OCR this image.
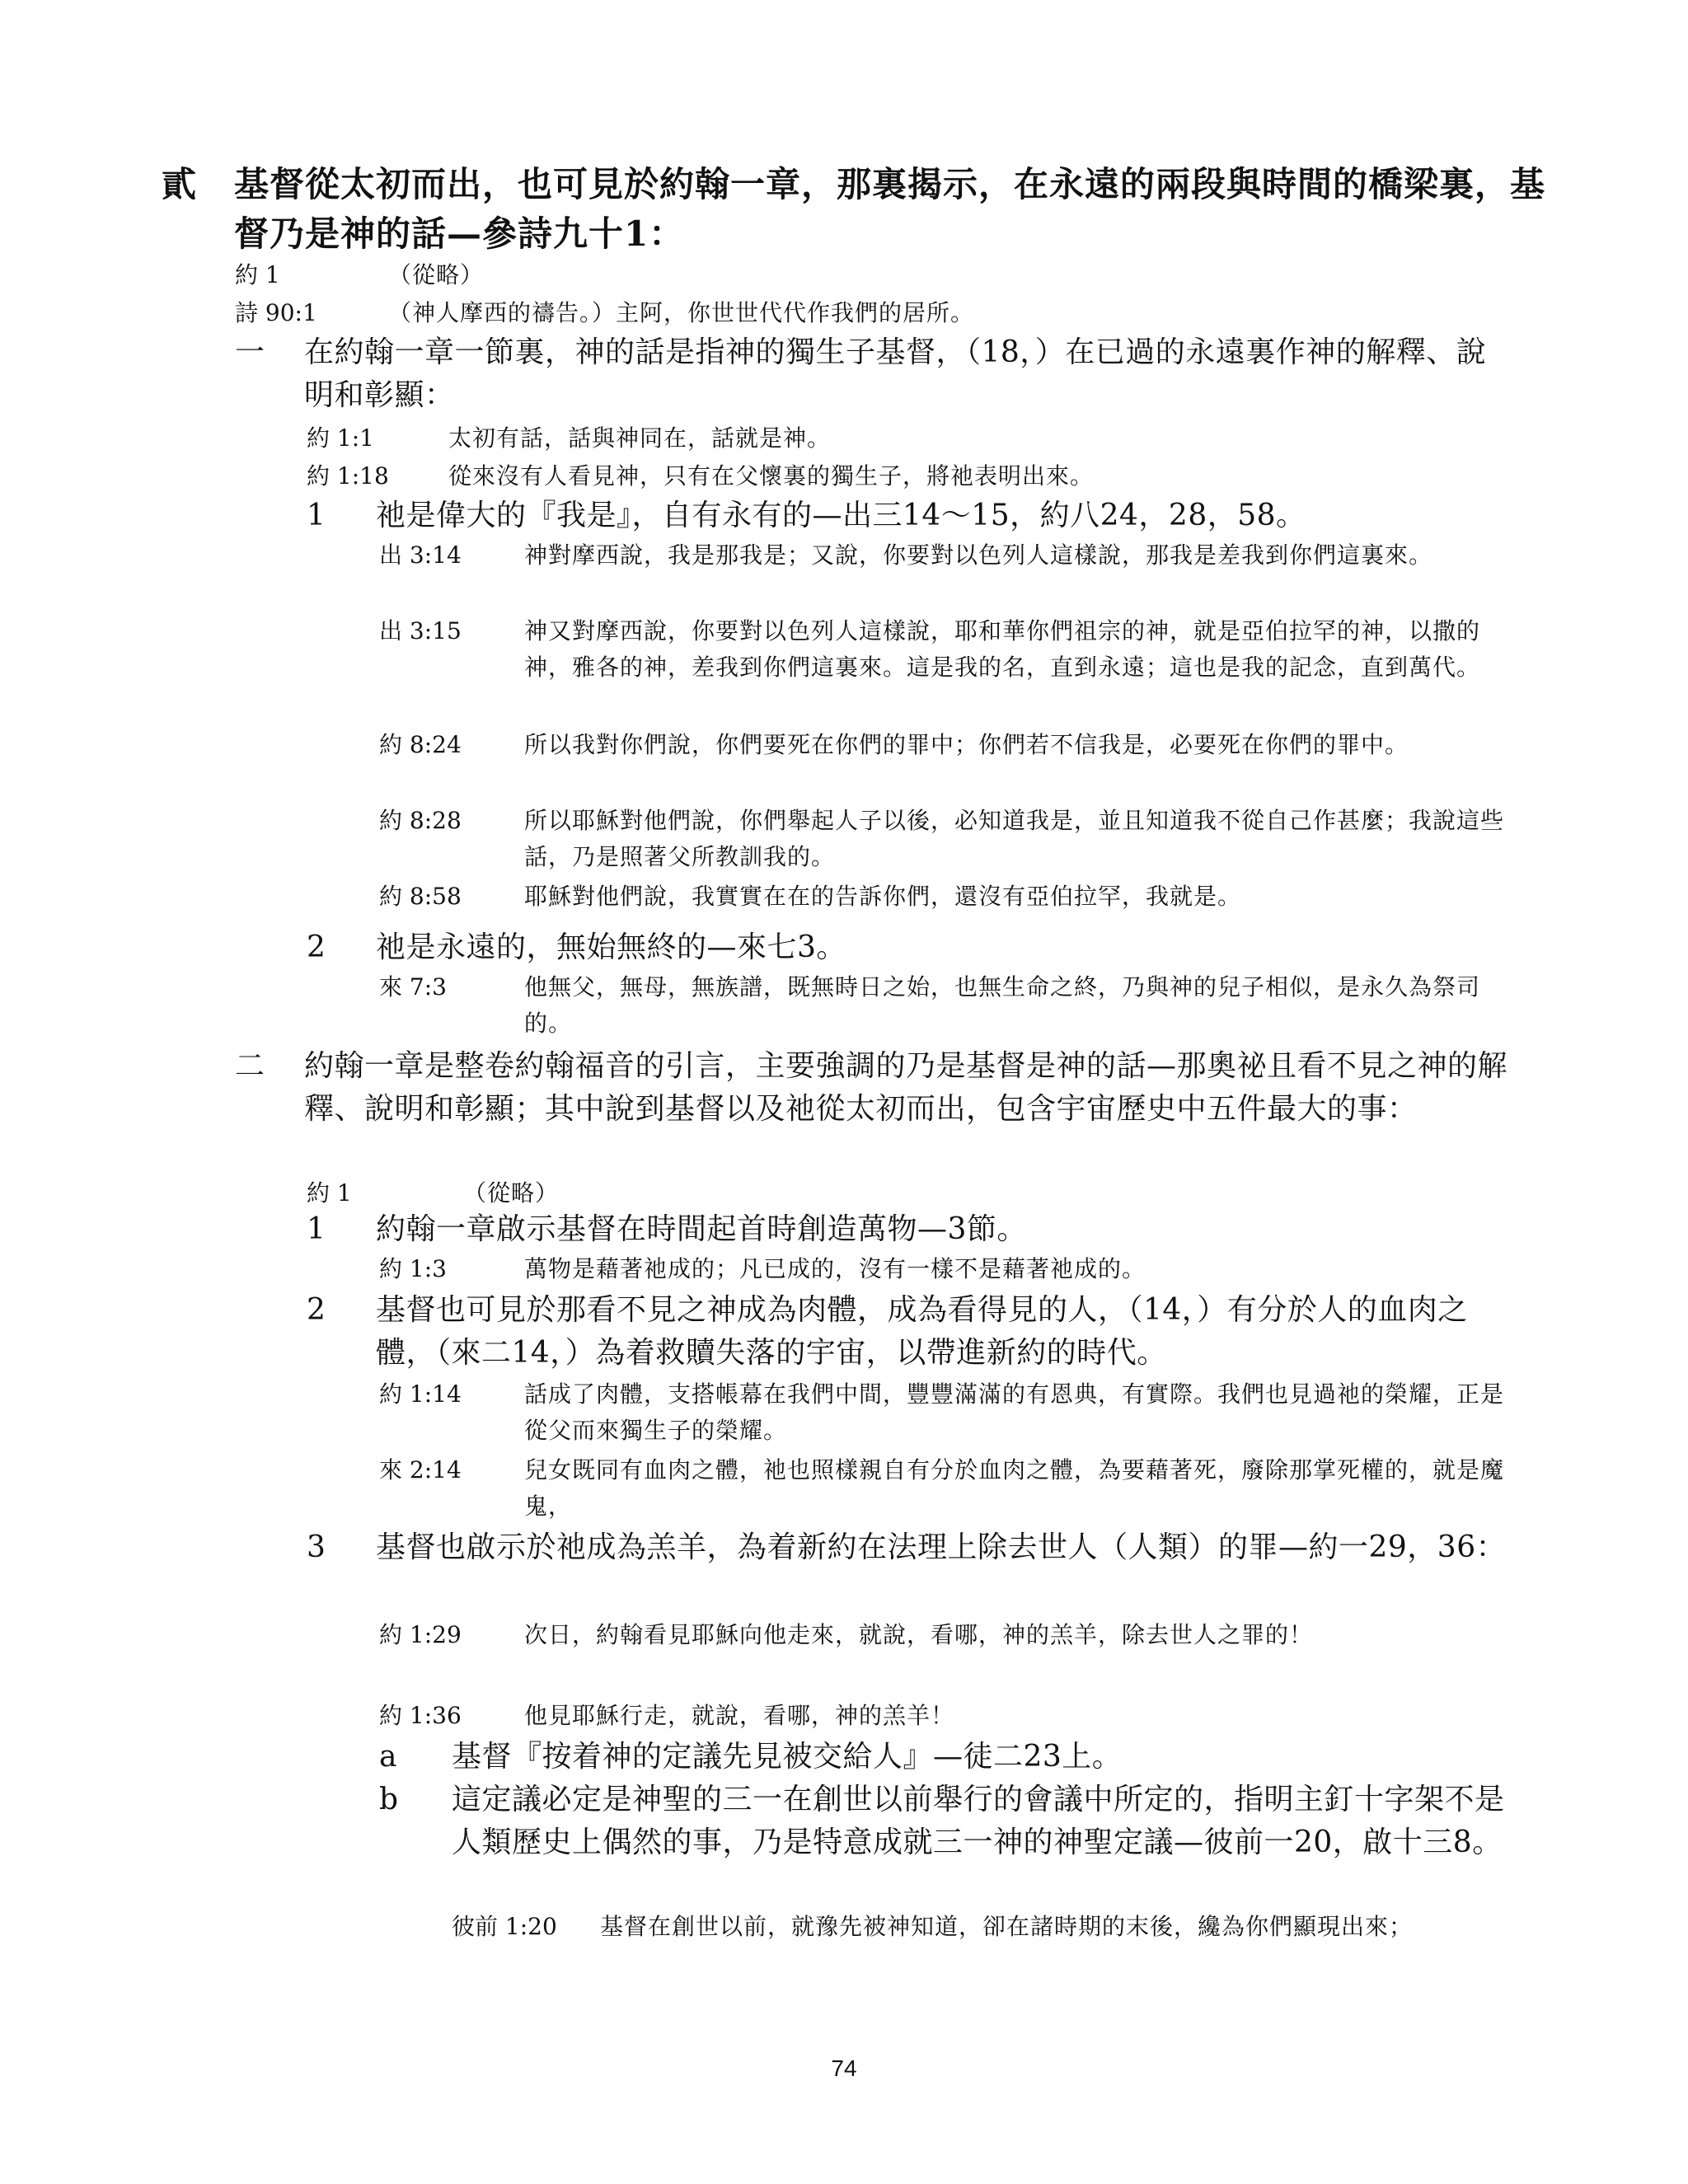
貳 基督從太初而出，也可見於約翰一章，那裏揭示，在永遠的兩段與時間的橋梁裏，基督乃是神的話—參詩九十1：
約 1	（從略）
詩 90:1	（神人摩西的禱告。）主阿，你世世代代作我們的居所。
一 在約翰一章一節裏，神的話是指神的獨生子基督，（18，）在已過的永遠裏作神的解釋、說明和彰顯：
約 1:1	太初有話，話與神同在，話就是神。
約 1:18	從來沒有人看見神，只有在父懷裏的獨生子，將祂表明出來。
1 祂是偉大的『我是』，自有永有的—出三14～15，約八24，28，58。
出 3:14	神對摩西說，我是那我是；又說，你要對以色列人這樣說，那我是差我到你們這裏來。
出 3:15	神又對摩西說，你要對以色列人這樣說，耶和華你們祖宗的神，就是亞伯拉罕的神，以撒的神，雅各的神，差我到你們這裏來。這是我的名，直到永遠；這也是我的記念，直到萬代。
約 8:24	所以我對你們說，你們要死在你們的罪中；你們若不信我是，必要死在你們的罪中。
約 8:28	所以耶穌對他們說，你們舉起人子以後，必知道我是，並且知道我不從自己作甚麼；我說這些話，乃是照著父所教訓我的。
約 8:58	耶穌對他們說，我實實在在的告訴你們，還沒有亞伯拉罕，我就是。
2 祂是永遠的，無始無終的—來七3。
來 7:3	他無父，無母，無族譜，既無時日之始，也無生命之終，乃與神的兒子相似，是永久為祭司的。
二 約翰一章是整卷約翰福音的引言，主要強調的乃是基督是神的話—那奧祕且看不見之神的解釋、說明和彰顯；其中說到基督以及祂從太初而出，包含宇宙歷史中五件最大的事：
約 1	（從略）
1 約翰一章啟示基督在時間起首時創造萬物—3節。
約 1:3	萬物是藉著祂成的；凡已成的，沒有一樣不是藉著祂成的。
2 基督也可見於那看不見之神成為肉體，成為看得見的人，（14，）有分於人的血肉之體，（來二14，）為着救贖失落的宇宙，以帶進新約的時代。
約 1:14	話成了肉體，支搭帳幕在我們中間，豐豐滿滿的有恩典，有實際。我們也見過祂的榮耀，正是從父而來獨生子的榮耀。
來 2:14	兒女既同有血肉之體，祂也照樣親自有分於血肉之體，為要藉著死，廢除那掌死權的，就是魔鬼，
3 基督也啟示於祂成為羔羊，為着新約在法理上除去世人（人類）的罪—約一29，36：
約 1:29	次日，約翰看見耶穌向他走來，就說，看哪，神的羔羊，除去世人之罪的！
約 1:36	他見耶穌行走，就說，看哪，神的羔羊！
a 基督『按着神的定議先見被交給人』—徒二23上。
b 這定議必定是神聖的三一在創世以前舉行的會議中所定的，指明主釘十字架不是人類歷史上偶然的事，乃是特意成就三一神的神聖定議—彼前一20，啟十三8。
彼前 1:20 基督在創世以前，就豫先被神知道，卻在諸時期的末後，纔為你們顯現出來；
74
